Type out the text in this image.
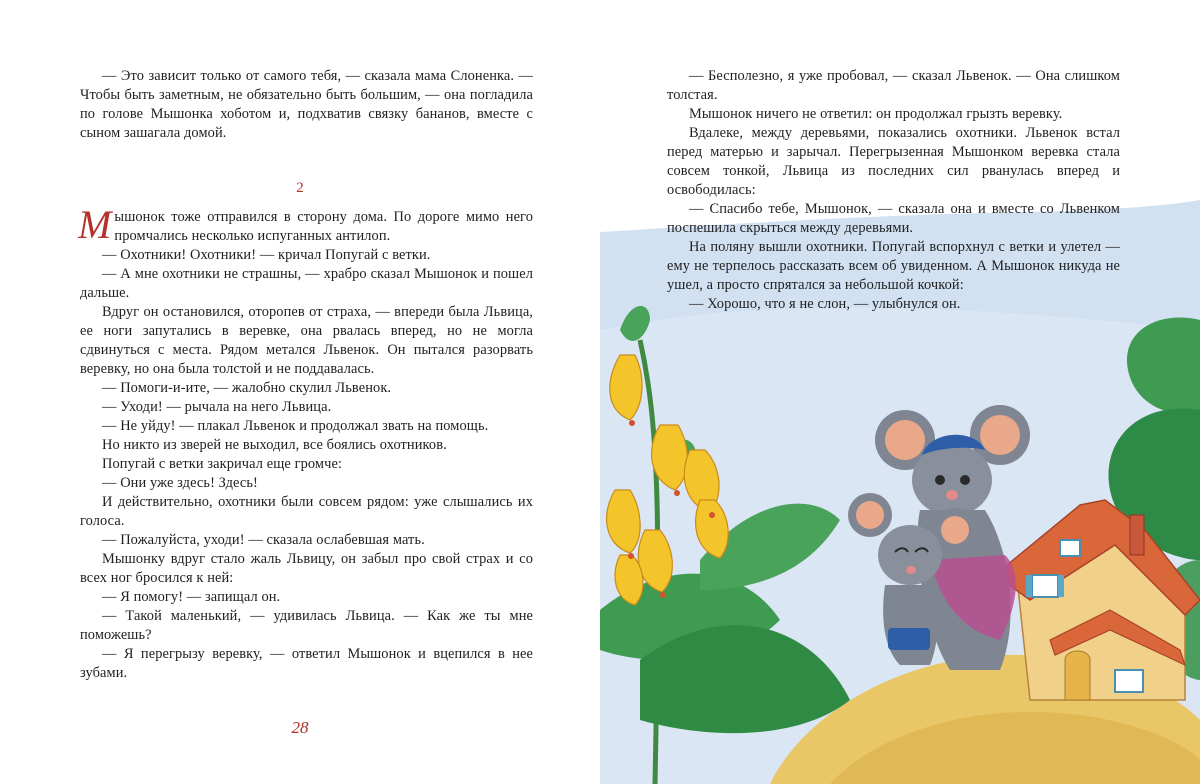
— Это зависит только от самого тебя, — сказала мама Слоненка. — Чтобы быть заметным, не обязательно быть большим, — она погладила по голове Мышонка хоботом и, подхватив связку бананов, вместе с сыном зашагала домой.

2

Мышонок тоже отправился в сторону дома. По дороге мимо него промчались несколько испуганных антилоп.

— Охотники! Охотники! — кричал Попугай с ветки.

— А мне охотники не страшны, — храбро сказал Мышонок и пошел дальше.

Вдруг он остановился, оторопев от страха, — впереди была Львица, ее ноги запутались в веревке, она рвалась вперед, но не могла сдвинуться с места. Рядом метался Львенок. Он пытался разорвать веревку, но она была толстой и не поддавалась.

— Помоги-и-ите, — жалобно скулил Львенок.

— Уходи! — рычала на него Львица.

— Не уйду! — плакал Львенок и продолжал звать на помощь.

Но никто из зверей не выходил, все боялись охотников.

Попугай с ветки закричал еще громче:

— Они уже здесь! Здесь!

И действительно, охотники были совсем рядом: уже слышались их голоса.

— Пожалуйста, уходи! — сказала ослабевшая мать.

Мышонку вдруг стало жаль Львицу, он забыл про свой страх и со всех ног бросился к ней:

— Я помогу! — запищал он.

— Такой маленький, — удивилась Львица. — Как же ты мне поможешь?

— Я перегрызу веревку, — ответил Мышонок и вцепился в нее зубами.

28

— Бесполезно, я уже пробовал, — сказал Львенок. — Она слишком толстая.

Мышонок ничего не ответил: он продолжал грызть веревку.

Вдалеке, между деревьями, показались охотники. Львенок встал перед матерью и зарычал. Перегрызенная Мышонком веревка стала совсем тонкой, Львица из последних сил рванулась вперед и освободилась:

— Спасибо тебе, Мышонок, — сказала она и вместе со Львенком поспешила скрыться между деревьями.

На поляну вышли охотники. Попугай вспорхнул с ветки и улетел — ему не терпелось рассказать всем об увиденном. А Мышонок никуда не ушел, а просто спрятался за небольшой кочкой:

— Хорошо, что я не слон, — улыбнулся он.
